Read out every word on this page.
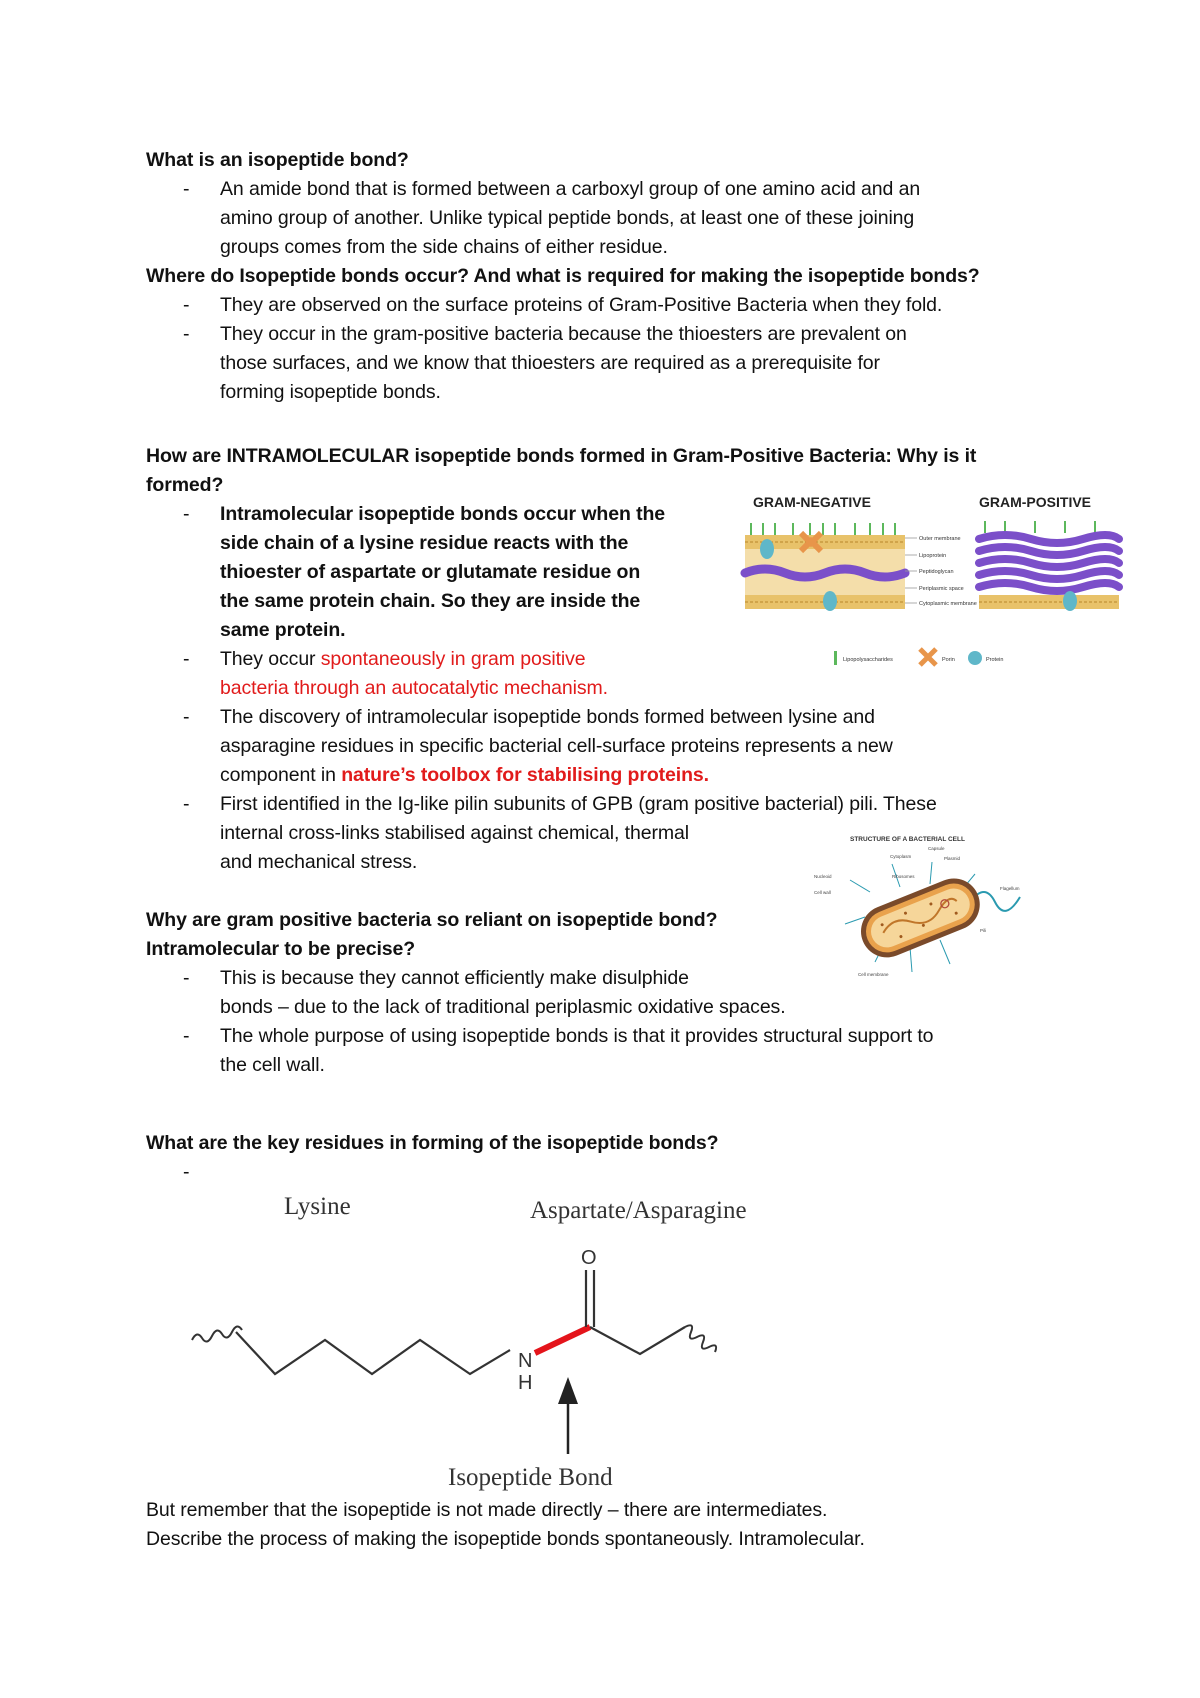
What is an isopeptide bond?
- An amide bond that is formed between a carboxyl group of one amino acid and an
amino group of another. Unlike typical peptide bonds, at least one of these joining
groups comes from the side chains of either residue.
Where do Isopeptide bonds occur? And what is required for making the isopeptide bonds?
- They are observed on the surface proteins of Gram-Positive Bacteria when they fold.
- They occur in the gram-positive bacteria because the thioesters are prevalent on
those surfaces, and we know that thioesters are required as a prerequisite for
forming isopeptide bonds.
How are INTRAMOLECULAR isopeptide bonds formed in Gram-Positive Bacteria: Why is it
formed?
- Intramolecular isopeptide bonds occur when the
side chain of a lysine residue reacts with the
thioester of aspartate or glutamate residue on
the same protein chain. So they are inside the
same protein.
- They occur spontaneously in gram positive
bacteria through an autocatalytic mechanism.
- The discovery of intramolecular isopeptide bonds formed between lysine and
asparagine residues in specific bacterial cell-surface proteins represents a new
component in nature’s toolbox for stabilising proteins.
- First identified in the Ig-like pilin subunits of GPB (gram positive bacterial) pili. These
internal cross-links stabilised against chemical, thermal
and mechanical stress.
Why are gram positive bacteria so reliant on isopeptide bond?
Intramolecular to be precise?
- This is because they cannot efficiently make disulphide
bonds – due to the lack of traditional periplasmic oxidative spaces.
- The whole purpose of using isopeptide bonds is that it provides structural support to
the cell wall.
What are the key residues in forming of the isopeptide bonds?
-
But remember that the isopeptide is not made directly – there are intermediates.
Describe the process of making the isopeptide bonds spontaneously. Intramolecular.
GRAM-NEGATIVE	GRAM-POSITIVE
Outer membrane
Lipoprotein
Peptidoglycan
Periplasmic space
Cytoplasmic membrane
Lipopolysaccharides	Porin	Protein
STRUCTURE OF A BACTERIAL CELL
Capsule
Cytoplasm
Ribosomes
Plasmid
Cell wall
Flagellum
Pili
Nucleoid
Cell membrane
Lysine	Aspartate/Asparagine
N
H
O
Isopeptide Bond
